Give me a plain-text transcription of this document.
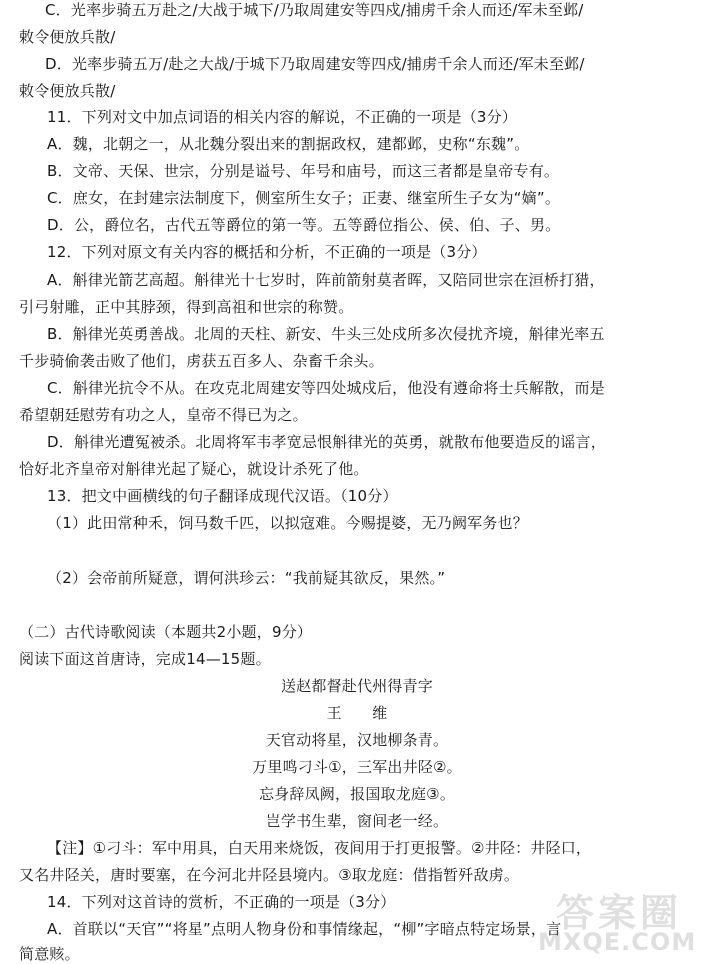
C．光率步骑五万赴之/大战于城下/乃取周建安等四戍/捕虏千余人而还/军未至邺/
敕令便放兵散/
D．光率步骑五万/赴之大战/于城下乃取周建安等四戍/捕虏千余人而还/军未至邺/
敕令便放兵散/
11．下列对文中加点词语的相关内容的解说，不正确的一项是（3分）
A．魏，北朝之一，从北魏分裂出来的割据政权，建都邺，史称“东魏”。
B．文帝、天保、世宗，分别是谥号、年号和庙号，而这三者都是皇帝专有。
C．庶女，在封建宗法制度下，侧室所生女子；正妻、继室所生子女为“嫡”。
D．公，爵位名，古代五等爵位的第一等。五等爵位指公、侯、伯、子、男。
12．下列对原文有关内容的概括和分析，不正确的一项是（3分）
A．斛律光箭艺高超。斛律光十七岁时，阵前箭射莫者晖，又陪同世宗在洹桥打猎，
引弓射雕，正中其脖颈，得到高祖和世宗的称赞。
B．斛律光英勇善战。北周的天柱、新安、牛头三处戍所多次侵扰齐境，斛律光率五
千步骑偷袭击败了他们，虏获五百多人、杂畜千余头。
C．斛律光抗令不从。在攻克北周建安等四处城戍后，他没有遵命将士兵解散，而是
希望朝廷慰劳有功之人，皇帝不得已为之。
D．斛律光遭冤被杀。北周将军韦孝宽忌恨斛律光的英勇，就散布他要造反的谣言，
恰好北齐皇帝对斛律光起了疑心，就设计杀死了他。
13．把文中画横线的句子翻译成现代汉语。（10分）
（1）此田常种禾，饲马数千匹，以拟寇难。今赐提婆，无乃阙军务也？
（2）会帝前所疑意，谓何洪珍云：“我前疑其欲反，果然。”
（二）古代诗歌阅读（本题共2小题，9分）
阅读下面这首唐诗，完成14—15题。
送赵都督赴代州得青字
王　　维
天官动将星，汉地柳条青。
万里鸣刁斗①，三军出井陉②。
忘身辞凤阙，报国取龙庭③。
岂学书生辈，窗间老一经。
【注】①刁斗：军中用具，白天用来烧饭，夜间用于打更报警。②井陉：井陉口，
又名井陉关，唐时要塞，在今河北井陉县境内。③取龙庭：借指暂歼敌虏。
14．下列对这首诗的赏析，不正确的一项是（3分）
A．首联以“天官”“将星”点明人物身份和事情缘起，“柳”字暗点特定场景，言
简意赅。
答案圈
MXQE.COM
